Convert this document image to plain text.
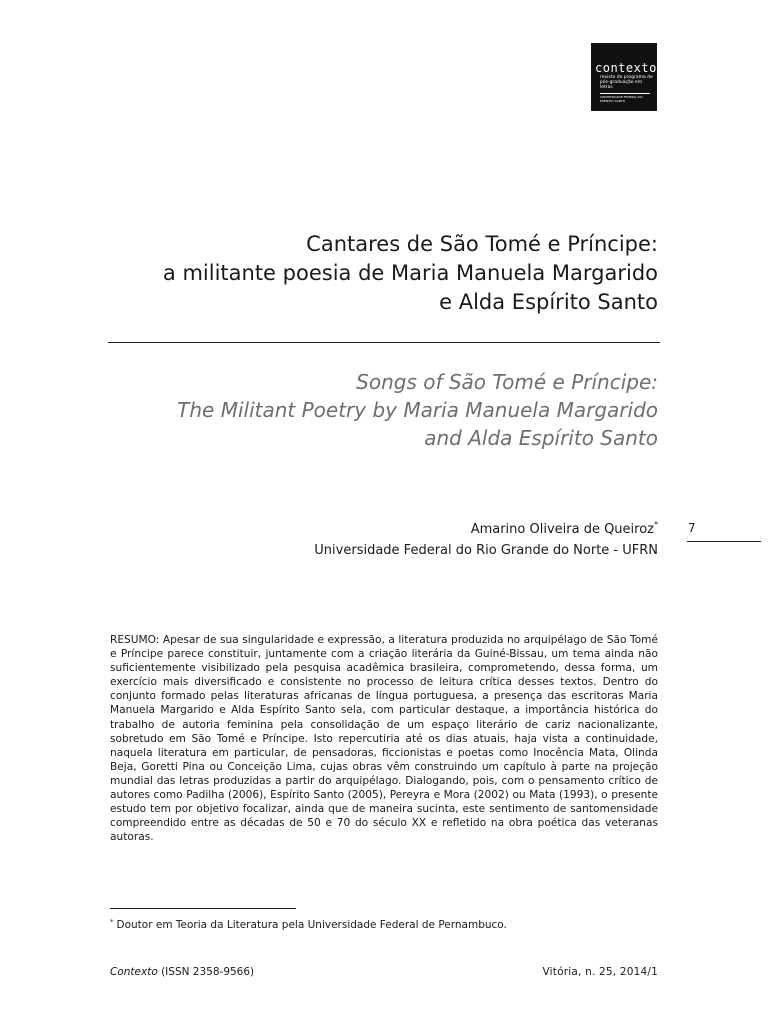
contexto
revista do programa de
pós-graduação em letras
UNIVERSIDADE FEDERAL DO ESPÍRITO SANTO
Cantares de São Tomé e Príncipe:
a militante poesia de Maria Manuela Margarido
e Alda Espírito Santo
Songs of São Tomé e Príncipe:
The Militant Poetry by Maria Manuela Margarido
and Alda Espírito Santo
Amarino Oliveira de Queiroz*
Universidade Federal do Rio Grande do Norte - UFRN
7

RESUMO: Apesar de sua singularidade e expressão, a literatura produzida no arquipélago de São Tomé e Príncipe parece constituir, juntamente com a criação literária da Guiné-Bissau, um tema ainda não suficientemente visibilizado pela pesquisa acadêmica brasileira, comprometendo, dessa forma, um exercício mais diversificado e consistente no processo de leitura crítica desses textos. Dentro do conjunto formado pelas literaturas africanas de língua portuguesa, a presença das escritoras Maria Manuela Margarido e Alda Espírito Santo sela, com particular destaque, a importância histórica do trabalho de autoria feminina pela consolidação de um espaço literário de cariz nacionalizante, sobretudo em São Tomé e Príncipe. Isto repercutiria até os dias atuais, haja vista a continuidade, naquela literatura em particular, de pensadoras, ficcionistas e poetas como Inocência Mata, Olinda Beja, Goretti Pina ou Conceição Lima, cujas obras vêm construindo um capítulo à parte na projeção mundial das letras produzidas a partir do arquipélago. Dialogando, pois, com o pensamento crítico de autores como Padilha (2006), Espírito Santo (2005), Pereyra e Mora (2002) ou Mata (1993), o presente estudo tem por objetivo focalizar, ainda que de maneira sucinta, este sentimento de santomensidade compreendido entre as décadas de 50 e 70 do século XX e refletido na obra poética das veteranas autoras.

* Doutor em Teoria da Literatura pela Universidade Federal de Pernambuco.
Contexto (ISSN 2358-9566)	Vitória, n. 25, 2014/1
